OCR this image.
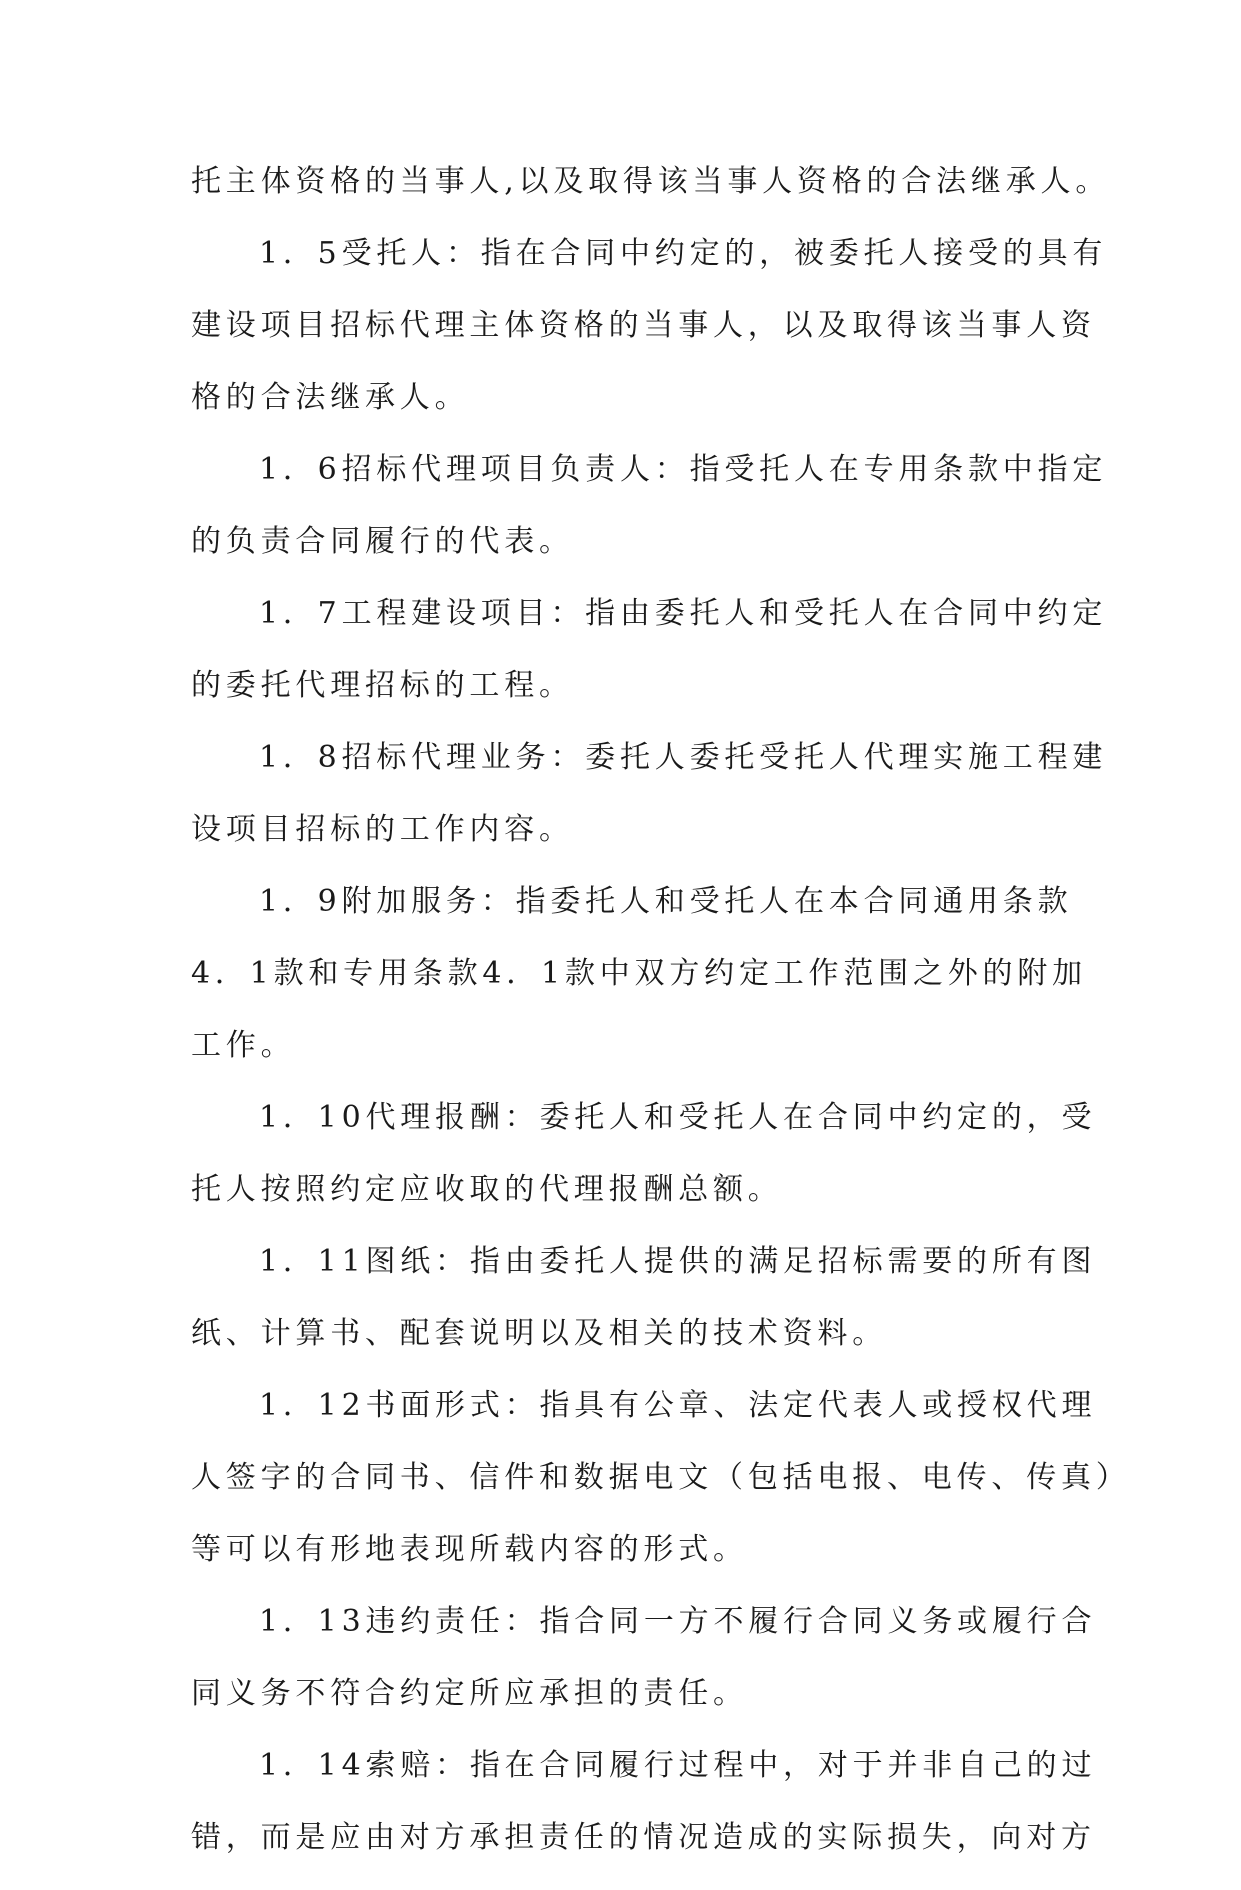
托主体资格的当事人,以及取得该当事人资格的合法继承人。
1．5受托人：指在合同中约定的，被委托人接受的具有
建设项目招标代理主体资格的当事人，以及取得该当事人资
格的合法继承人。
1．6招标代理项目负责人：指受托人在专用条款中指定
的负责合同履行的代表。
1．7工程建设项目：指由委托人和受托人在合同中约定
的委托代理招标的工程。
1．8招标代理业务：委托人委托受托人代理实施工程建
设项目招标的工作内容。
1．9附加服务：指委托人和受托人在本合同通用条款
4．1款和专用条款4．1款中双方约定工作范围之外的附加
工作。
1．10代理报酬：委托人和受托人在合同中约定的，受
托人按照约定应收取的代理报酬总额。
1．11图纸：指由委托人提供的满足招标需要的所有图
纸、计算书、配套说明以及相关的技术资料。
1．12书面形式：指具有公章、法定代表人或授权代理
人签字的合同书、信件和数据电文（包括电报、电传、传真）
等可以有形地表现所载内容的形式。
1．13违约责任：指合同一方不履行合同义务或履行合
同义务不符合约定所应承担的责任。
1．14索赔：指在合同履行过程中，对于并非自己的过
错，而是应由对方承担责任的情况造成的实际损失，向对方
